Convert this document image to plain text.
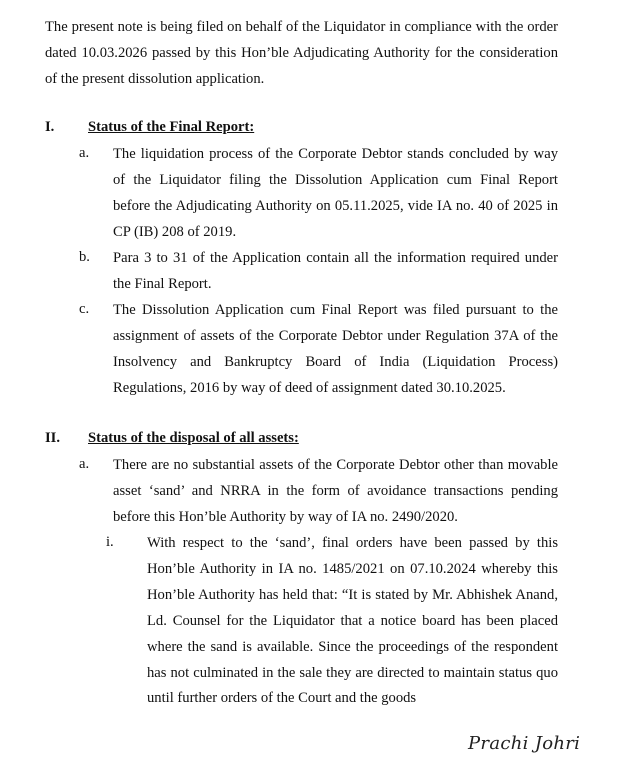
The present note is being filed on behalf of the Liquidator in compliance with the order dated 10.03.2026 passed by this Hon’ble Adjudicating Authority for the consideration of the present dissolution application.

I. Status of the Final Report:
a. The liquidation process of the Corporate Debtor stands concluded by way of the Liquidator filing the Dissolution Application cum Final Report before the Adjudicating Authority on 05.11.2025, vide IA no. 40 of 2025 in CP (IB) 208 of 2019.

b. Para 3 to 31 of the Application contain all the information required under the Final Report.

c. The Dissolution Application cum Final Report was filed pursuant to the assignment of assets of the Corporate Debtor under Regulation 37A of the Insolvency and Bankruptcy Board of India (Liquidation Process) Regulations, 2016 by way of deed of assignment dated 30.10.2025.

II. Status of the disposal of all assets:
a. There are no substantial assets of the Corporate Debtor other than movable asset ‘sand’ and NRRA in the form of avoidance transactions pending before this Hon’ble Authority by way of IA no. 2490/2020.

i. With respect to the ‘sand’, final orders have been passed by this Hon’ble Authority in IA no. 1485/2021 on 07.10.2024 whereby this Hon’ble Authority has held that: “It is stated by Mr. Abhishek Anand, Ld. Counsel for the Liquidator that a notice board has been placed where the sand is available. Since the proceedings of the respondent has not culminated in the sale they are directed to maintain status quo until further orders of the Court and the goods

Prachi Johri
